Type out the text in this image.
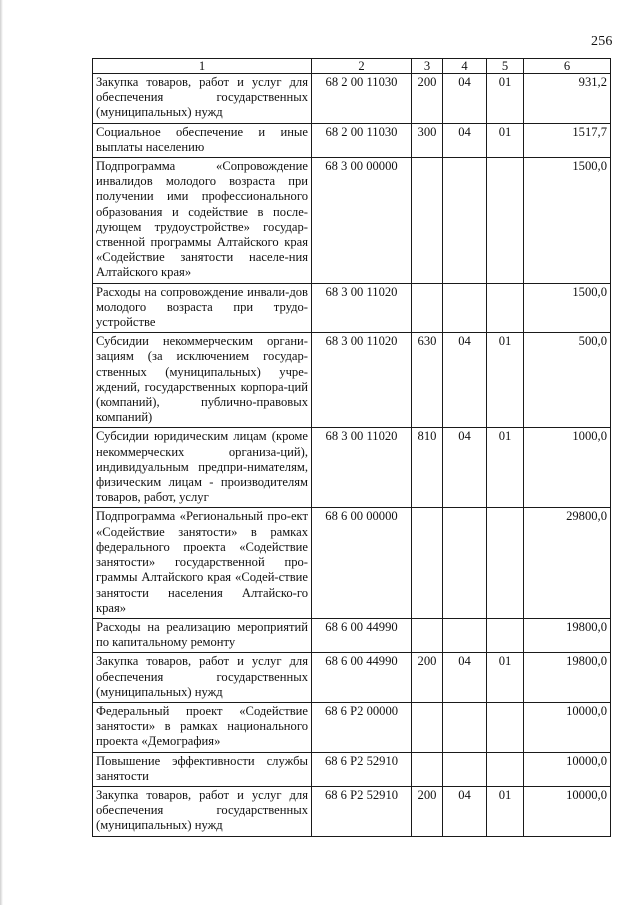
256
1	2	3	4	5	6
Закупка товаров, работ и услуг для обеспечения государственных (муниципальных) нужд	68 2 00 11030	200	04	01	931,2
Социальное обеспечение и иные выплаты населению	68 2 00 11030	300	04	01	1517,7
Подпрограмма «Сопровождение инвалидов молодого возраста при получении ими профессионального образования и содействие в после-дующем трудоустройстве» государ-ственной программы Алтайского края «Содействие занятости населе-ния Алтайского края»	68 3 00 00000				1500,0
Расходы на сопровождение инвали-дов молодого возраста при трудо-устройстве	68 3 00 11020				1500,0
Субсидии некоммерческим органи-зациям (за исключением государ-ственных (муниципальных) учре-ждений, государственных корпора-ций (компаний), публично-правовых компаний)	68 3 00 11020	630	04	01	500,0
Субсидии юридическим лицам (кроме некоммерческих организа-ций), индивидуальным предпри-нимателям, физическим лицам - производителям товаров, работ, услуг	68 3 00 11020	810	04	01	1000,0
Подпрограмма «Региональный про-ект «Содействие занятости» в рамках федерального проекта «Содействие занятости» государственной про-граммы Алтайского края «Содей-ствие занятости населения Алтайско-го края»	68 6 00 00000				29800,0
Расходы на реализацию мероприятий по капитальному ремонту	68 6 00 44990				19800,0
Закупка товаров, работ и услуг для обеспечения государственных (муниципальных) нужд	68 6 00 44990	200	04	01	19800,0
Федеральный проект «Содействие занятости» в рамках национального проекта «Демография»	68 6 P2 00000				10000,0
Повышение эффективности службы занятости	68 6 P2 52910				10000,0
Закупка товаров, работ и услуг для обеспечения государственных (муниципальных) нужд	68 6 P2 52910	200	04	01	10000,0
